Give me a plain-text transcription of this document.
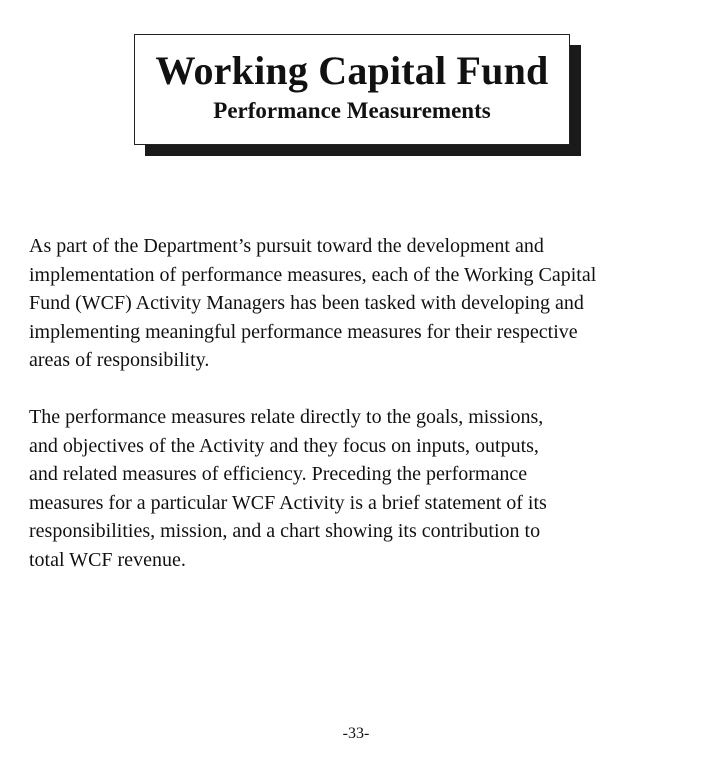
Working Capital Fund
Performance Measurements

As part of the Department’s pursuit toward the development and
implementation of performance measures, each of the Working Capital
Fund (WCF) Activity Managers has been tasked with developing and
implementing meaningful performance measures for their respective
areas of responsibility.

The performance measures relate directly to the goals, missions,
and objectives of the Activity and they focus on inputs, outputs,
and related measures of efficiency. Preceding the performance
measures for a particular WCF Activity is a brief statement of its
responsibilities, mission, and a chart showing its contribution to
total WCF revenue.

-33-
